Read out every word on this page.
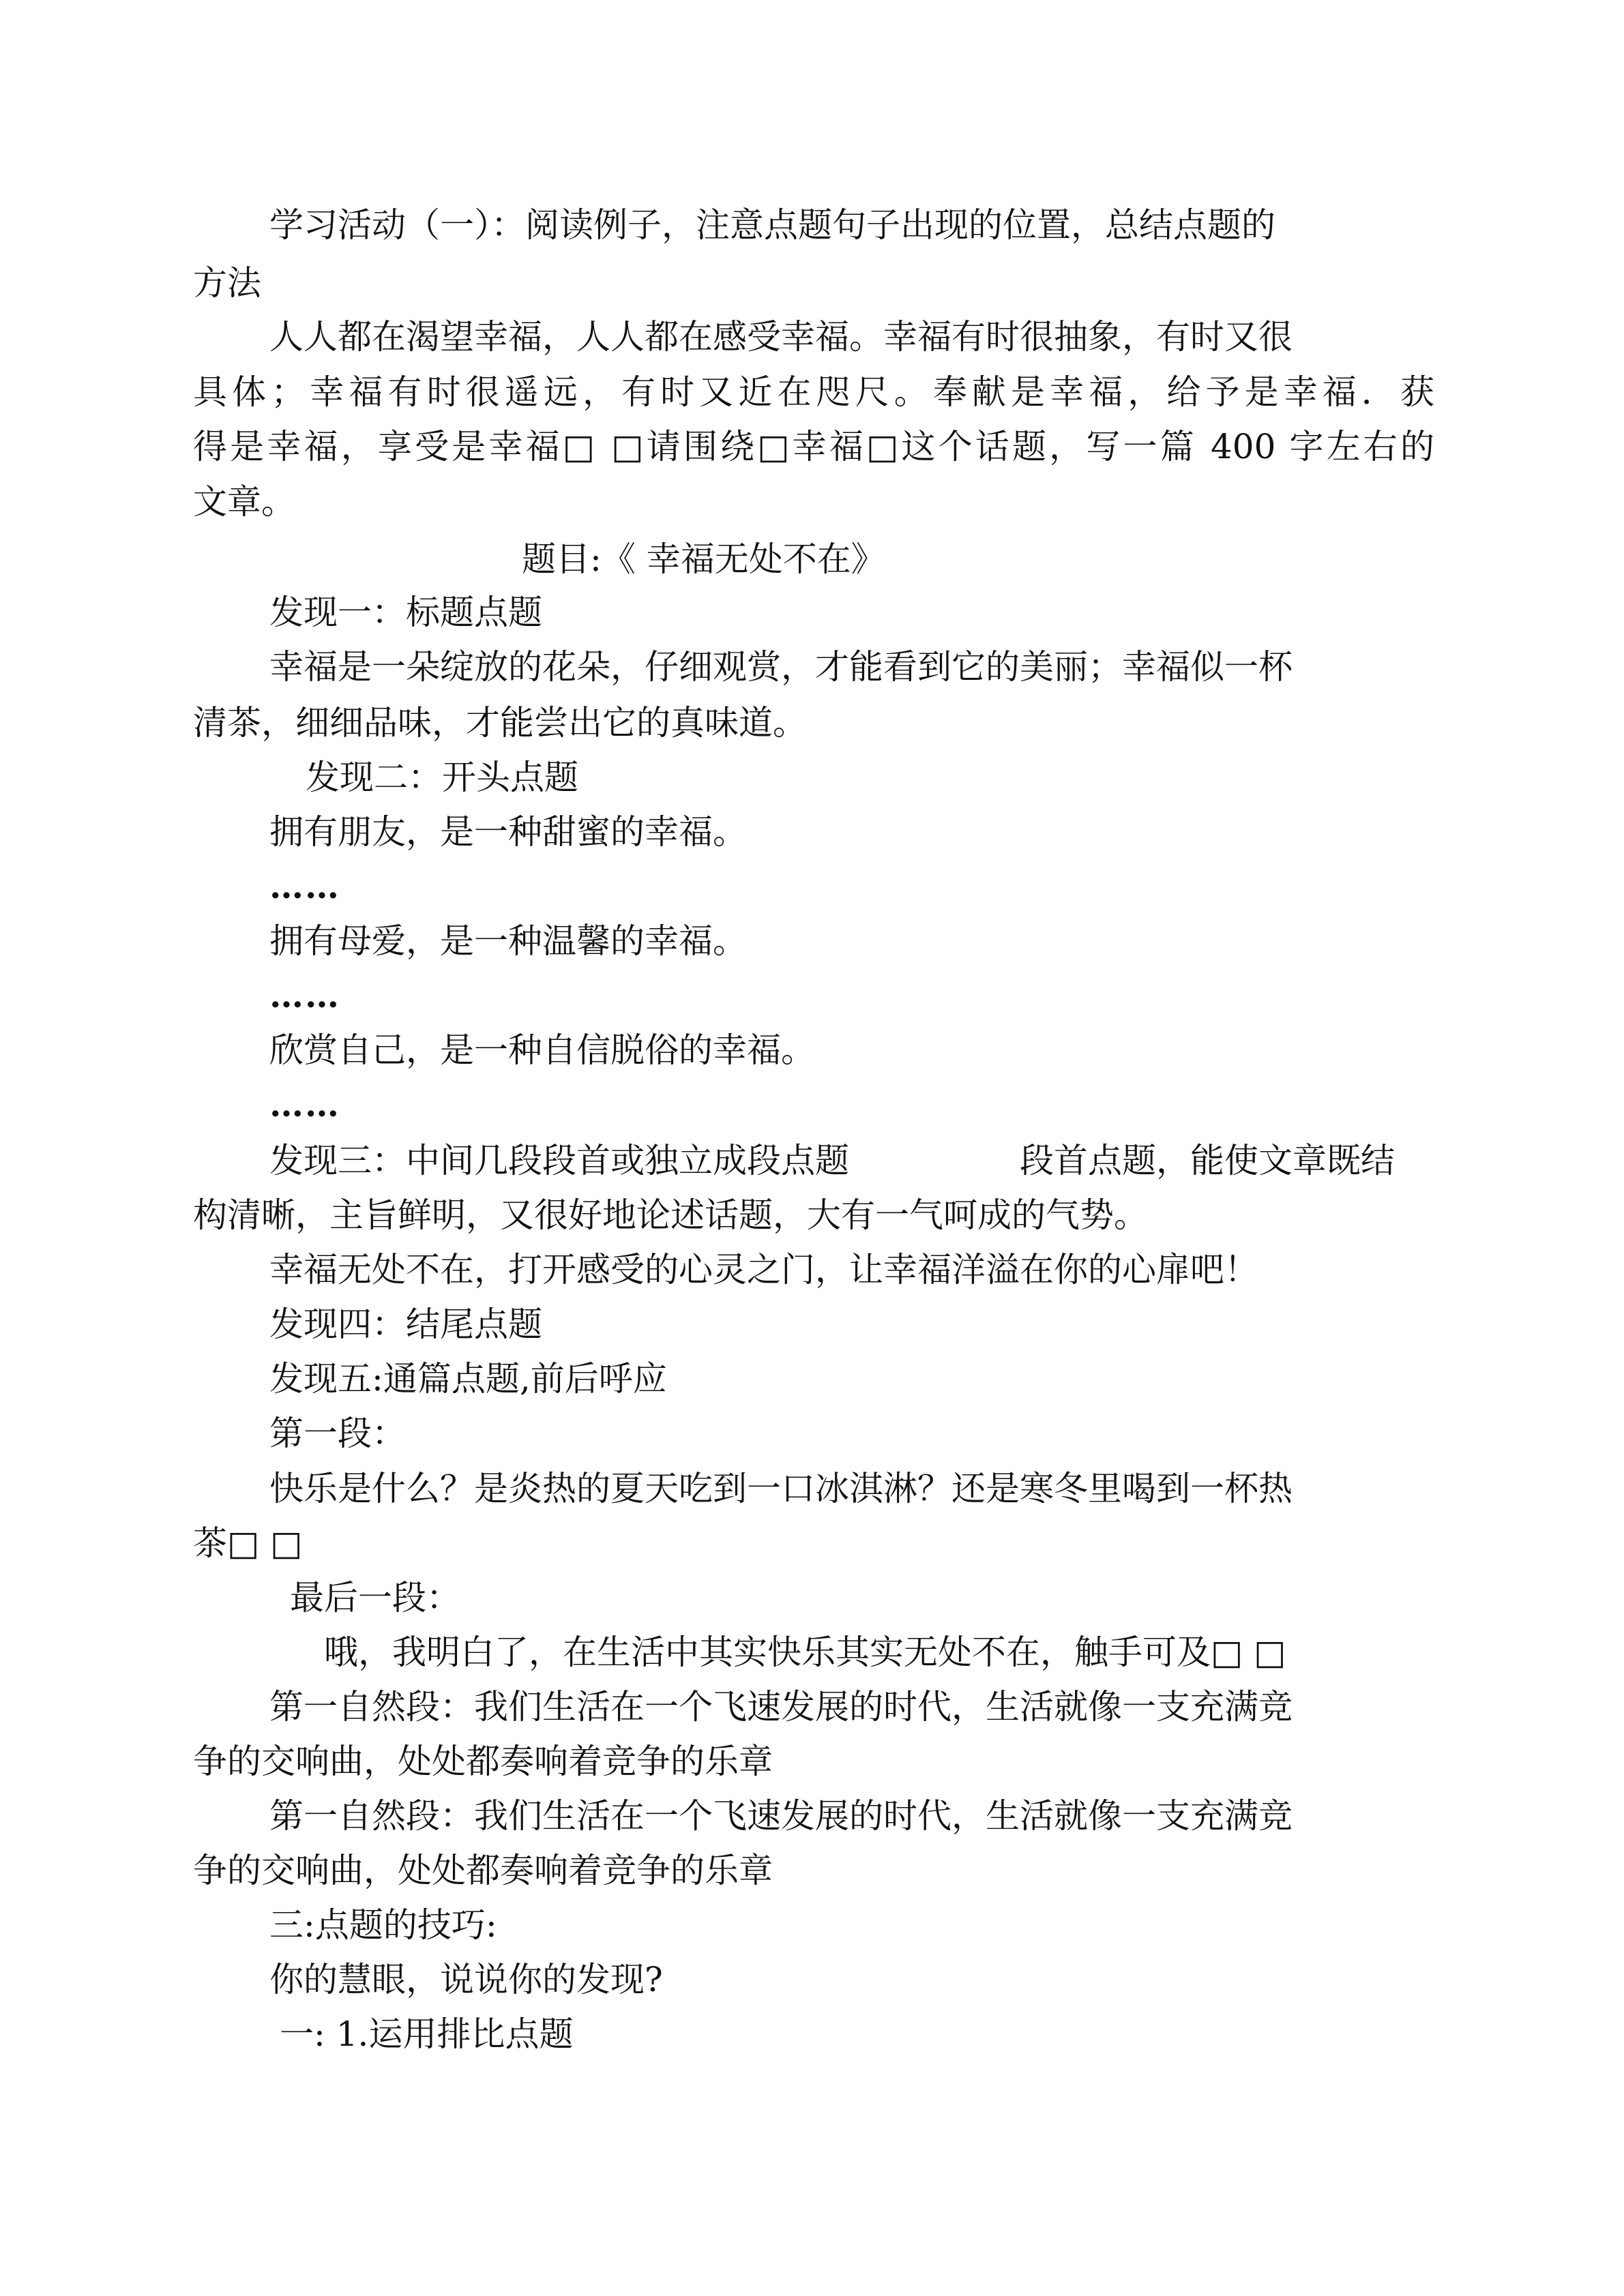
学习活动（一）：阅读例子，注意点题句子出现的位置，总结点题的
方法
人人都在渴望幸福，人人都在感受幸福。幸福有时很抽象，有时又很
具体；幸福有时很遥远，有时又近在咫尺。奉献是幸福，给予是幸福．获
得是幸福，享受是幸福□ □请围绕□幸福□这个话题，写一篇 400 字左右的
文章。
题目:《 幸福无处不在》
发现一：标题点题
幸福是一朵绽放的花朵，仔细观赏，才能看到它的美丽；幸福似一杯
清茶，细细品味，才能尝出它的真味道。
发现二：开头点题
拥有朋友，是一种甜蜜的幸福。
……
拥有母爱，是一种温馨的幸福。
……
欣赏自己，是一种自信脱俗的幸福。
……
发现三：中间几段段首或独立成段点题	段首点题，能使文章既结
构清晰，主旨鲜明，又很好地论述话题，大有一气呵成的气势。
幸福无处不在，打开感受的心灵之门，让幸福洋溢在你的心扉吧！
发现四：结尾点题
发现五:通篇点题,前后呼应
第一段：
快乐是什么？是炎热的夏天吃到一口冰淇淋？还是寒冬里喝到一杯热
茶□ □
最后一段：
哦，我明白了，在生活中其实快乐其实无处不在，触手可及□ □
第一自然段：我们生活在一个飞速发展的时代，生活就像一支充满竞
争的交响曲，处处都奏响着竞争的乐章
第一自然段：我们生活在一个飞速发展的时代，生活就像一支充满竞
争的交响曲，处处都奏响着竞争的乐章
三:点题的技巧:
你的慧眼，说说你的发现?
一: 1.运用排比点题
